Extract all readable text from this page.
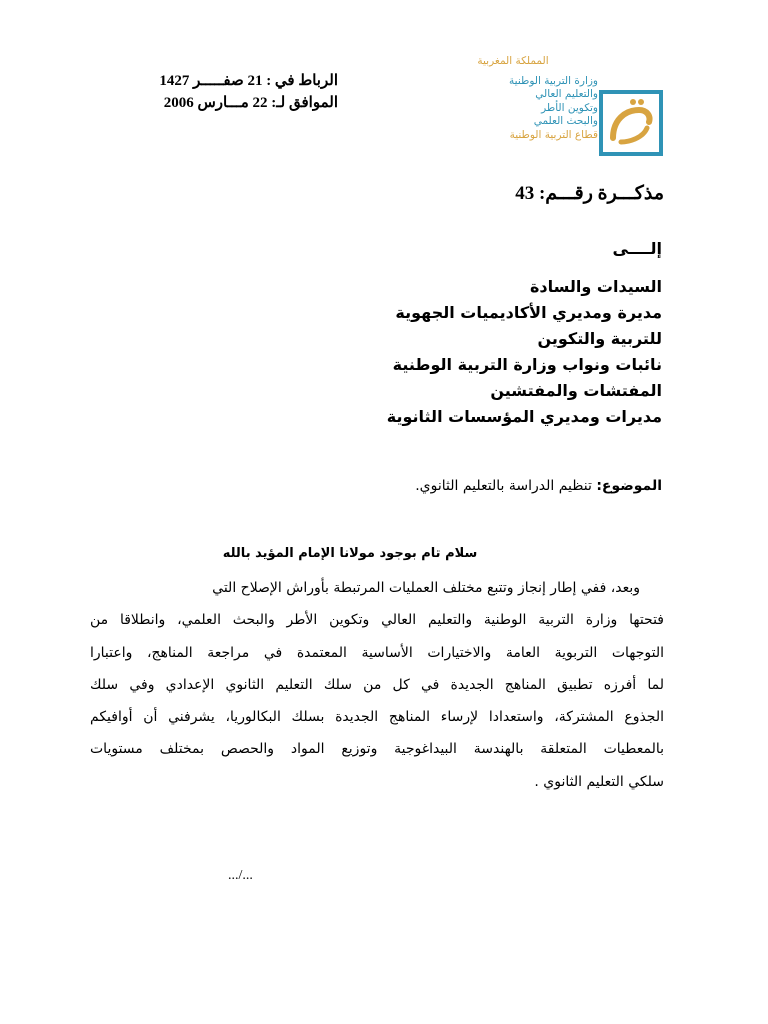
الرباط في : 21 صفـــــر 1427
الموافق لـ: 22 مـــارس 2006
المملكة المغربية
وزارة التربية الوطنية
والتعليم العالي
وتكوين الأطر
والبحث العلمي
قطاع التربية الوطنية
مذكـــرة رقـــم: 43
إلــــى
السيدات والسادة
مديرة ومديري الأكاديميات الجهوية
للتربية والتكوين
نائبات ونواب وزارة التربية الوطنية
المفتشات والمفتشين
مديرات ومديري المؤسسات الثانوية
الموضوع: تنظيم الدراسة بالتعليم الثانوي.
سلام تام بوجود مولانا الإمام المؤيد بالله
وبعد، ففي إطار إنجاز وتتبع مختلف العمليات المرتبطة بأوراش الإصلاح التي
فتحتها وزارة التربية الوطنية والتعليم العالي وتكوين الأطر والبحث العلمي، وانطلاقا من
التوجهات التربوية العامة والاختيارات الأساسية المعتمدة في مراجعة المناهج، واعتبارا
لما أفرزه تطبيق المناهج الجديدة في كل من سلك التعليم الثانوي الإعدادي وفي سلك
الجذوع المشتركة، واستعدادا لإرساء المناهج الجديدة بسلك البكالوريا، يشرفني أن أوافيكم
بالمعطيات المتعلقة بالهندسة البيداغوجية وتوزيع المواد والحصص بمختلف مستويات
سلكي التعليم الثانوي .
.../...
